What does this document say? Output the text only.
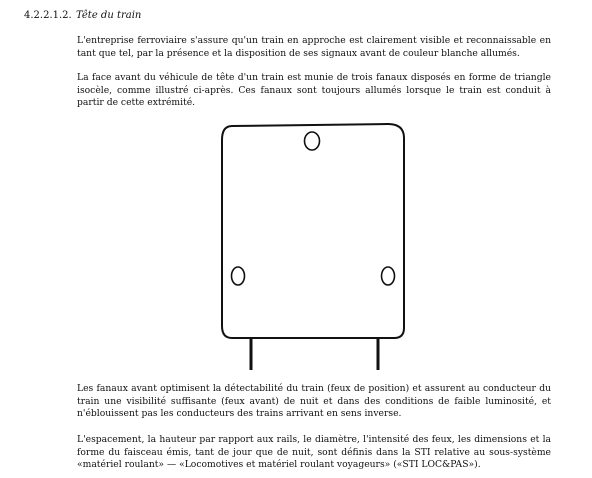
4.2.2.1.2. Tête du train

L'entreprise ferroviaire s'assure qu'un train en approche est clairement visible et reconnaissable en tant que tel, par la présence et la disposition de ses signaux avant de couleur blanche allumés.

La face avant du véhicule de tête d'un train est munie de trois fanaux disposés en forme de triangle isocèle, comme illustré ci-après. Ces fanaux sont toujours allumés lorsque le train est conduit à partir de cette extrémité.

Les fanaux avant optimisent la détectabilité du train (feux de position) et assurent au conducteur du train une visibilité suffisante (feux avant) de nuit et dans des conditions de faible luminosité, et n'éblouissent pas les conducteurs des trains arrivant en sens inverse.

L'espacement, la hauteur par rapport aux rails, le diamètre, l'intensité des feux, les dimensions et la forme du faisceau émis, tant de jour que de nuit, sont définis dans la STI relative au sous-système «matériel roulant» — «Locomotives et matériel roulant voyageurs» («STI LOC&PAS»).
